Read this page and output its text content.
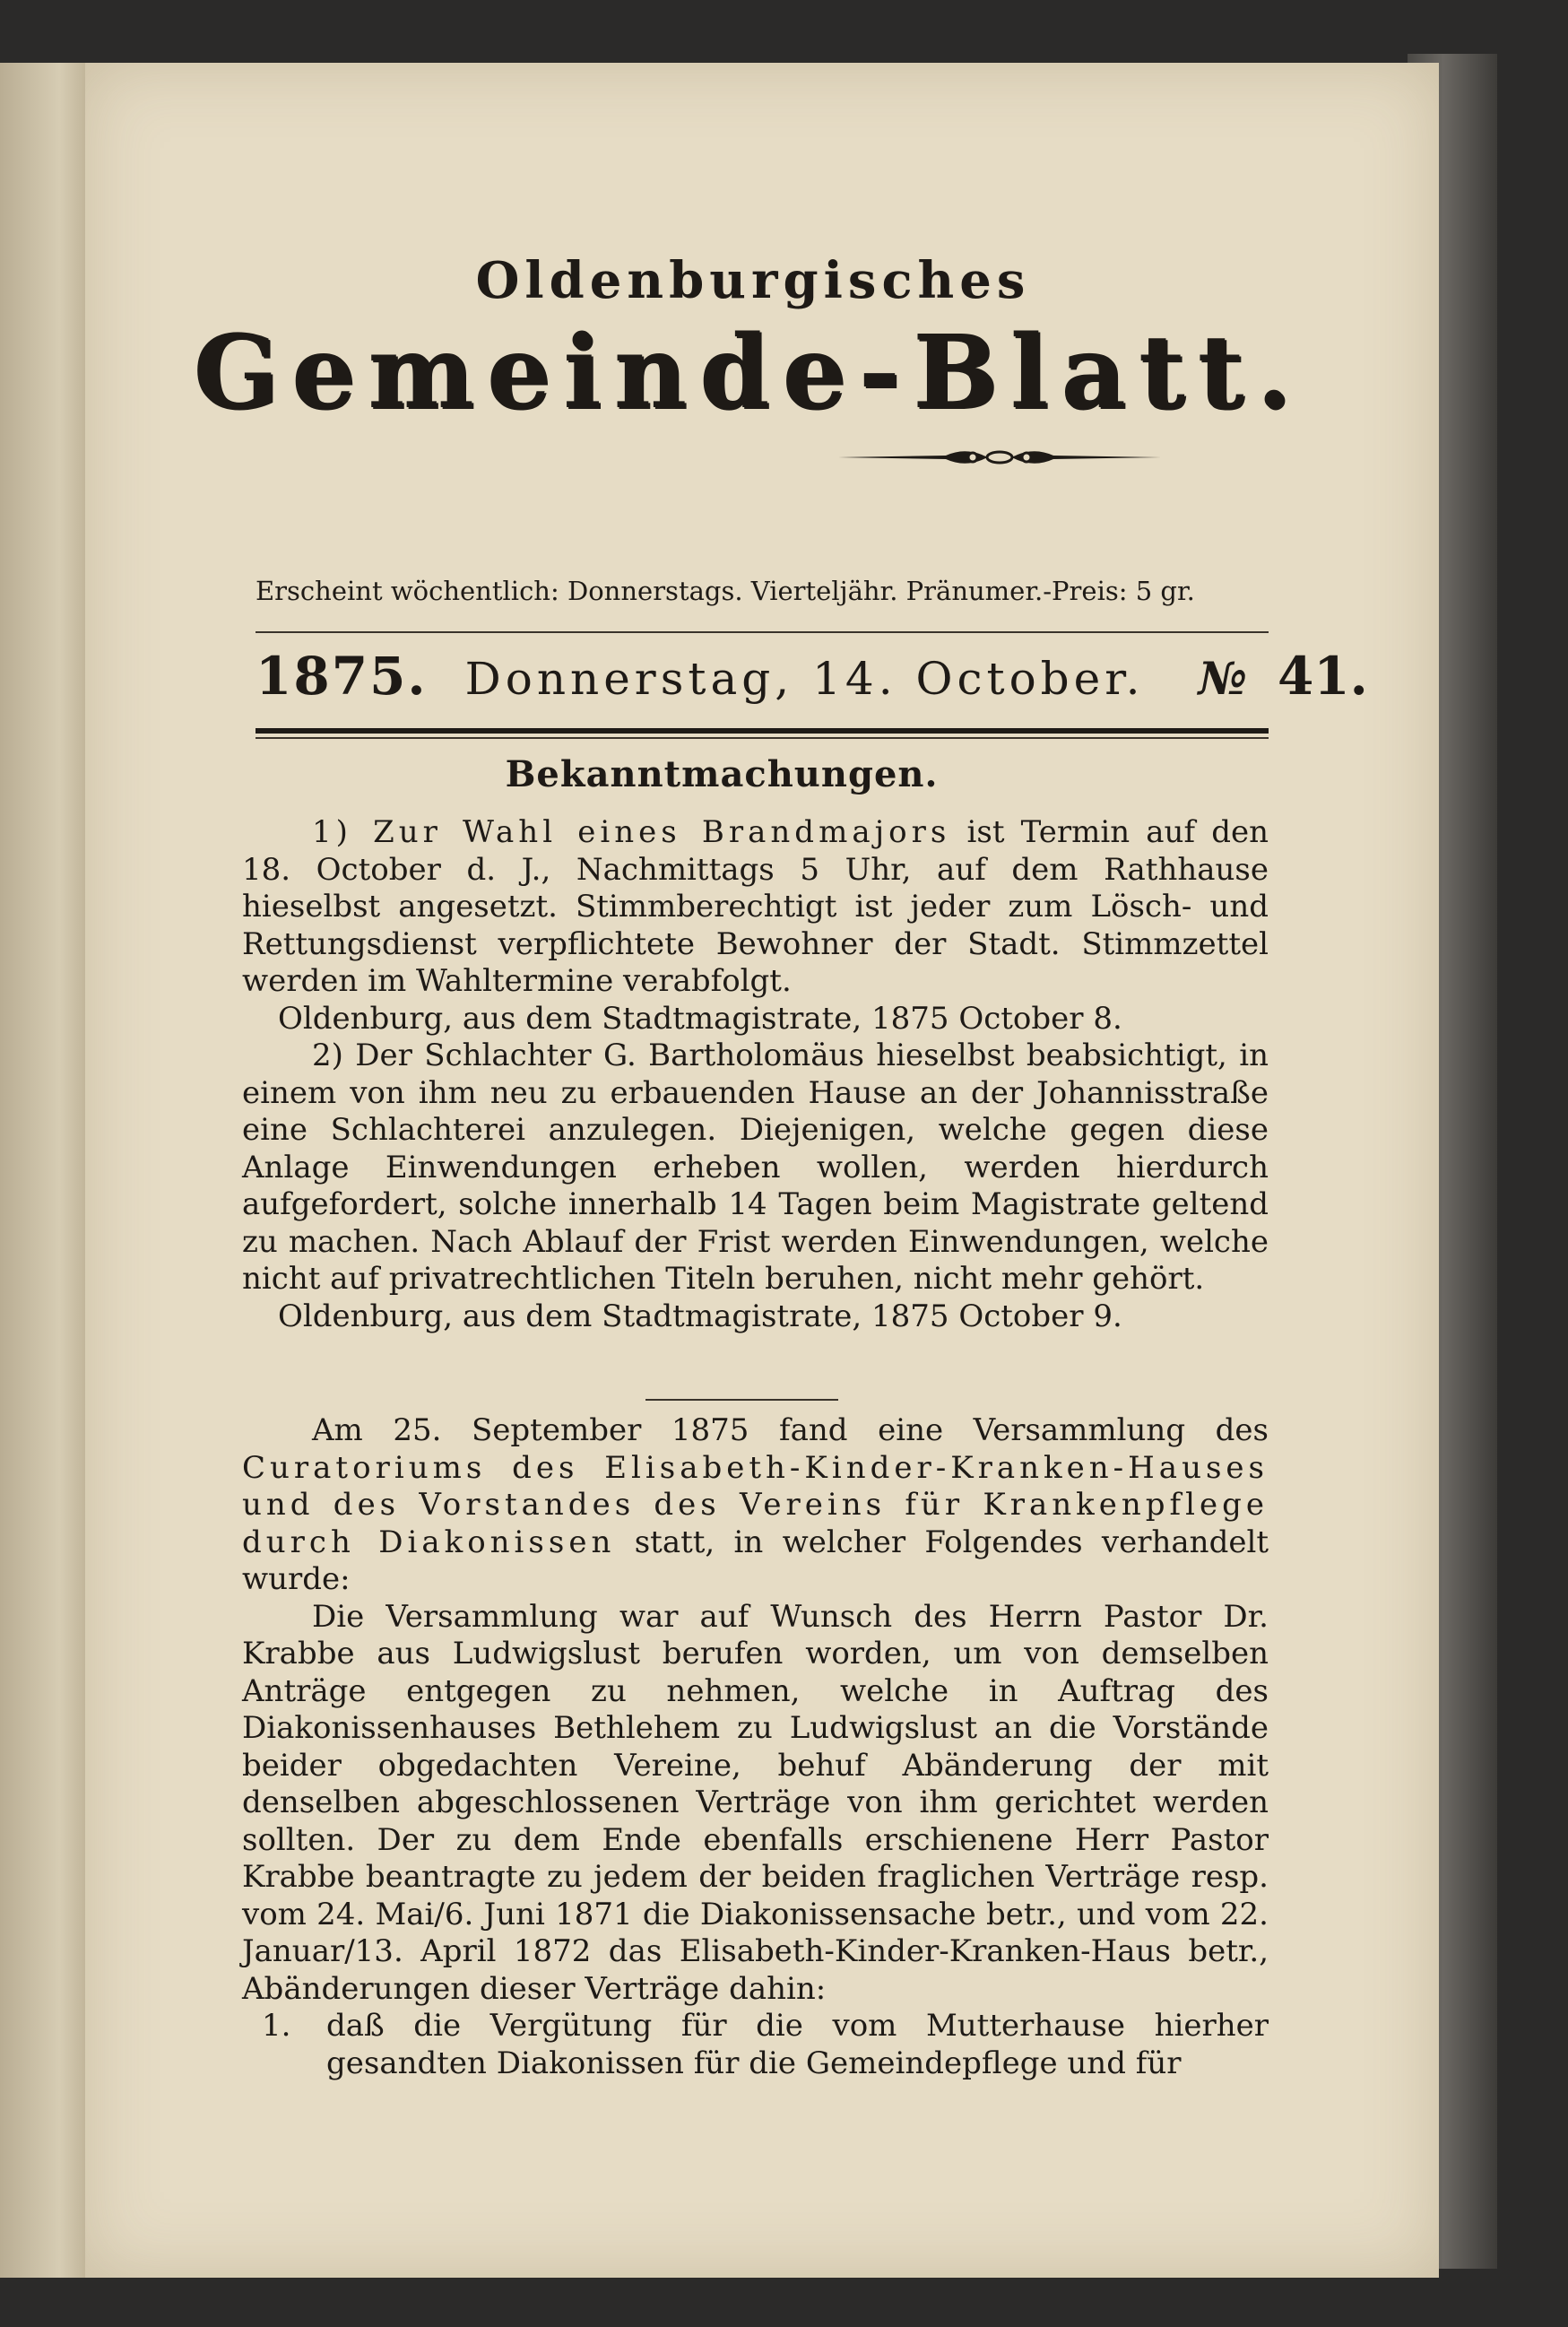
Oldenburgisches
Gemeinde-Blatt.
Erscheint wöchentlich: Donnerstags. Vierteljähr. Pränumer.-Preis: 5 gr.
1875. Donnerstag, 14. October. № 41.
Bekanntmachungen.

1) Zur Wahl eines Brandmajors ist Termin auf den 18. October d. J., Nachmittags 5 Uhr, auf dem Rathhause hieselbst angesetzt. Stimmberechtigt ist jeder zum Lösch- und Rettungsdienst verpflichtete Bewohner der Stadt. Stimmzettel werden im Wahltermine verabfolgt.

Oldenburg, aus dem Stadtmagistrate, 1875 October 8.

2) Der Schlachter G. Bartholomäus hieselbst beabsichtigt, in einem von ihm neu zu erbauenden Hause an der Johannisstraße eine Schlachterei anzulegen. Diejenigen, welche gegen diese Anlage Einwendungen erheben wollen, werden hierdurch aufgefordert, solche innerhalb 14 Tagen beim Magistrate geltend zu machen. Nach Ablauf der Frist werden Einwendungen, welche nicht auf privatrechtlichen Titeln beruhen, nicht mehr gehört.

Oldenburg, aus dem Stadtmagistrate, 1875 October 9.

Am 25. September 1875 fand eine Versammlung des Curatoriums des Elisabeth-Kinder-Kranken-Hauses und des Vorstandes des Vereins für Krankenpflege durch Diakonissen statt, in welcher Folgendes verhandelt wurde:

Die Versammlung war auf Wunsch des Herrn Pastor Dr. Krabbe aus Ludwigslust berufen worden, um von demselben Anträge entgegen zu nehmen, welche in Auftrag des Diakonissenhauses Bethlehem zu Ludwigslust an die Vorstände beider obgedachten Vereine, behuf Abänderung der mit denselben abgeschlossenen Verträge von ihm gerichtet werden sollten. Der zu dem Ende ebenfalls erschienene Herr Pastor Krabbe beantragte zu jedem der beiden fraglichen Verträge resp. vom 24. Mai/6. Juni 1871 die Diakonissensache betr., und vom 22. Januar/13. April 1872 das Elisabeth-Kinder-Kranken-Haus betr., Abänderungen dieser Verträge dahin:

1.	daß die Vergütung für die vom Mutterhause hierher gesandten Diakonissen für die Gemeindepflege und für
